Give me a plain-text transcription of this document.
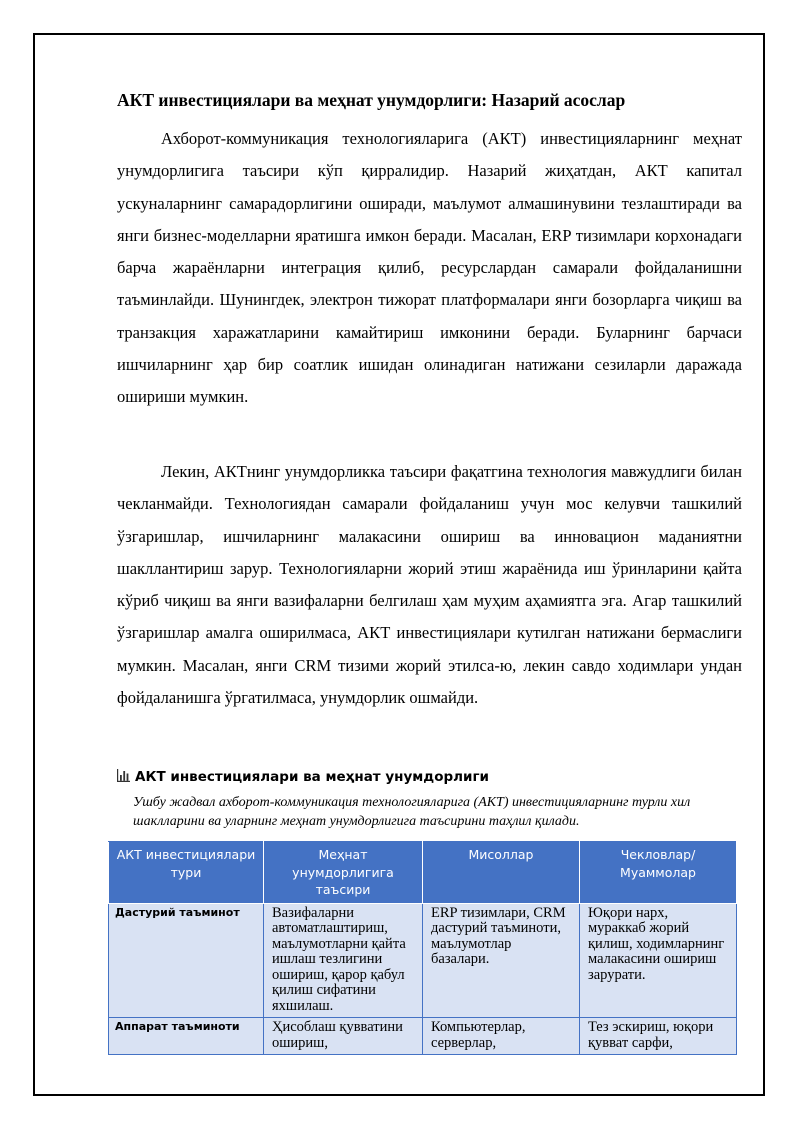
АКТ инвестициялари ва меҳнат унумдорлиги: Назарий асослар

Ахборот-коммуникация технологияларига (АКТ) инвестицияларнинг меҳнат унумдорлигига таъсири кўп қирралидир. Назарий жиҳатдан, АКТ капитал ускуналарнинг самарадорлигини оширади, маълумот алмашинувини тезлаштиради ва янги бизнес-моделларни яратишга имкон беради. Масалан, ERP тизимлари корхонадаги барча жараёнларни интеграция қилиб, ресурслардан самарали фойдаланишни таъминлайди. Шунингдек, электрон тижорат платформалари янги бозорларга чиқиш ва транзакция харажатларини камайтириш имконини беради. Буларнинг барчаси ишчиларнинг ҳар бир соатлик ишидан олинадиган натижани сезиларли даражада ошириши мумкин.

Лекин, АКТнинг унумдорликка таъсири фақатгина технология мавжудлиги билан чекланмайди. Технологиядан самарали фойдаланиш учун мос келувчи ташкилий ўзгаришлар, ишчиларнинг малакасини ошириш ва инновацион маданиятни шакллантириш зарур. Технологияларни жорий этиш жараёнида иш ўринларини қайта кўриб чиқиш ва янги вазифаларни белгилаш ҳам муҳим аҳамиятга эга. Агар ташкилий ўзгаришлар амалга оширилмаса, АКТ инвестициялари кутилган натижани бермаслиги мумкин. Масалан, янги CRM тизими жорий этилса-ю, лекин савдо ходимлари ундан фойдаланишга ўргатилмаса, унумдорлик ошмайди.

АКТ инвестициялари ва меҳнат унумдорлиги
Ушбу жадвал ахборот-коммуникация технологияларига (АКТ) инвестицияларнинг турли хил шаклларини ва уларнинг меҳнат унумдорлигига таъсирини таҳлил қилади.
АКТ инвестициялари тури	Меҳнат унумдорлигига таъсири	Мисоллар	Чекловлар/ Муаммолар
Дастурий таъминот	Вазифаларни автоматлаштириш, маълумотларни қайта ишлаш тезлигини ошириш, қарор қабул қилиш сифатини яхшилаш.	ERP тизимлари, CRM дастурий таъминоти, маълумотлар базалари.	Юқори нарх, мураккаб жорий қилиш, ходимларнинг малакасини ошириш зарурати.
Аппарат таъминоти	Ҳисоблаш қувватини ошириш,	Компьютерлар, серверлар,	Тез эскириш, юқори қувват сарфи,
